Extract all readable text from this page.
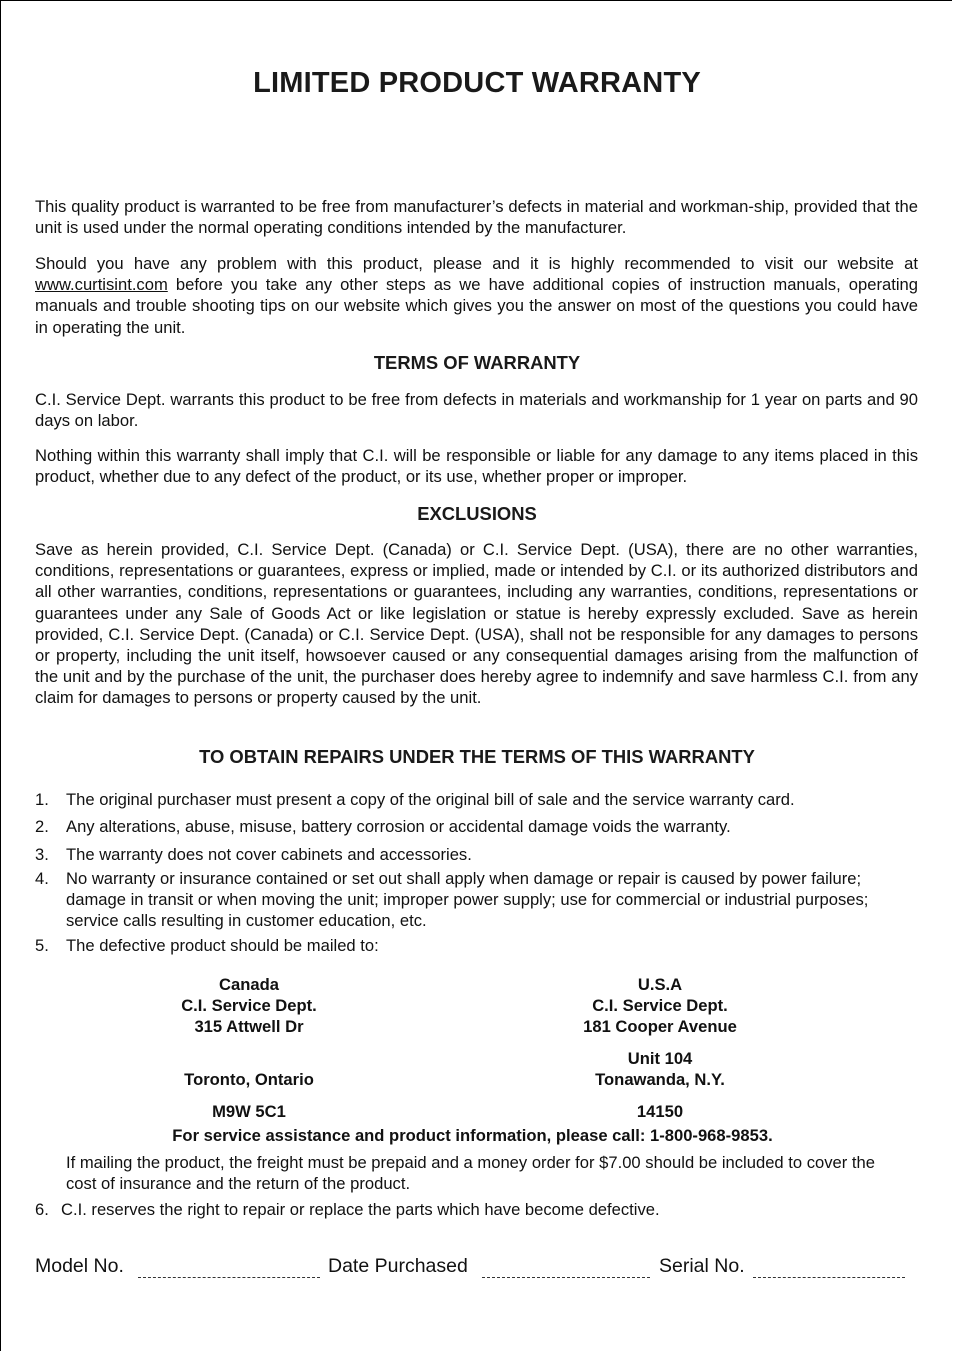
LIMITED PRODUCT WARRANTY
This quality product is warranted to be free from manufacturer’s defects in material and workman-ship, provided that the unit is used under the normal operating conditions intended by the manufacturer.
Should you have any problem with this product, please and it is highly recommended to visit our website at www.curtisint.com before you take any other steps as we have additional copies of instruction manuals, operating manuals and trouble shooting tips on our website which gives you the answer on most of the questions you could have in operating the unit.
TERMS OF WARRANTY
C.I. Service Dept. warrants this product to be free from defects in materials and workmanship for 1 year on parts and 90 days on labor.
Nothing within this warranty shall imply that C.I. will be responsible or liable for any damage to any items placed in this product, whether due to any defect of the product, or its use, whether proper or improper.
EXCLUSIONS
Save as herein provided, C.I. Service Dept. (Canada) or C.I. Service Dept. (USA), there are no other warranties, conditions, representations or guarantees, express or implied, made or intended by C.I. or its authorized distributors and all other warranties, conditions, representations or guarantees, including any warranties, conditions, representations or guarantees under any Sale of Goods Act or like legislation or statue is hereby expressly excluded. Save as herein provided, C.I. Service Dept. (Canada) or C.I. Service Dept. (USA), shall not be responsible for any damages to persons or property, including the unit itself, howsoever caused or any consequential damages arising from the malfunction of the unit and by the purchase of the unit, the purchaser does hereby agree to indemnify and save harmless C.I. from any claim for damages to persons or property caused by the unit.
TO OBTAIN REPAIRS UNDER THE TERMS OF THIS WARRANTY
1. The original purchaser must present a copy of the original bill of sale and the service warranty card.
2. Any alterations, abuse, misuse, battery corrosion or accidental damage voids the warranty.
3. The warranty does not cover cabinets and accessories.
4. No warranty or insurance contained or set out shall apply when damage or repair is caused by power failure; damage in transit or when moving the unit; improper power supply; use for commercial or industrial purposes; service calls resulting in customer education, etc.
5. The defective product should be mailed to:
Canada
C.I. Service Dept.
315 Attwell Dr
Toronto, Ontario
M9W 5C1
U.S.A
C.I. Service Dept.
181 Cooper Avenue
Unit 104
Tonawanda, N.Y.
14150
For service assistance and product information, please call: 1-800-968-9853.
If mailing the product, the freight must be prepaid and a money order for $7.00 should be included to cover the cost of insurance and the return of the product.
6. C.I. reserves the right to repair or replace the parts which have become defective.
Model No.	Date Purchased	Serial No.
